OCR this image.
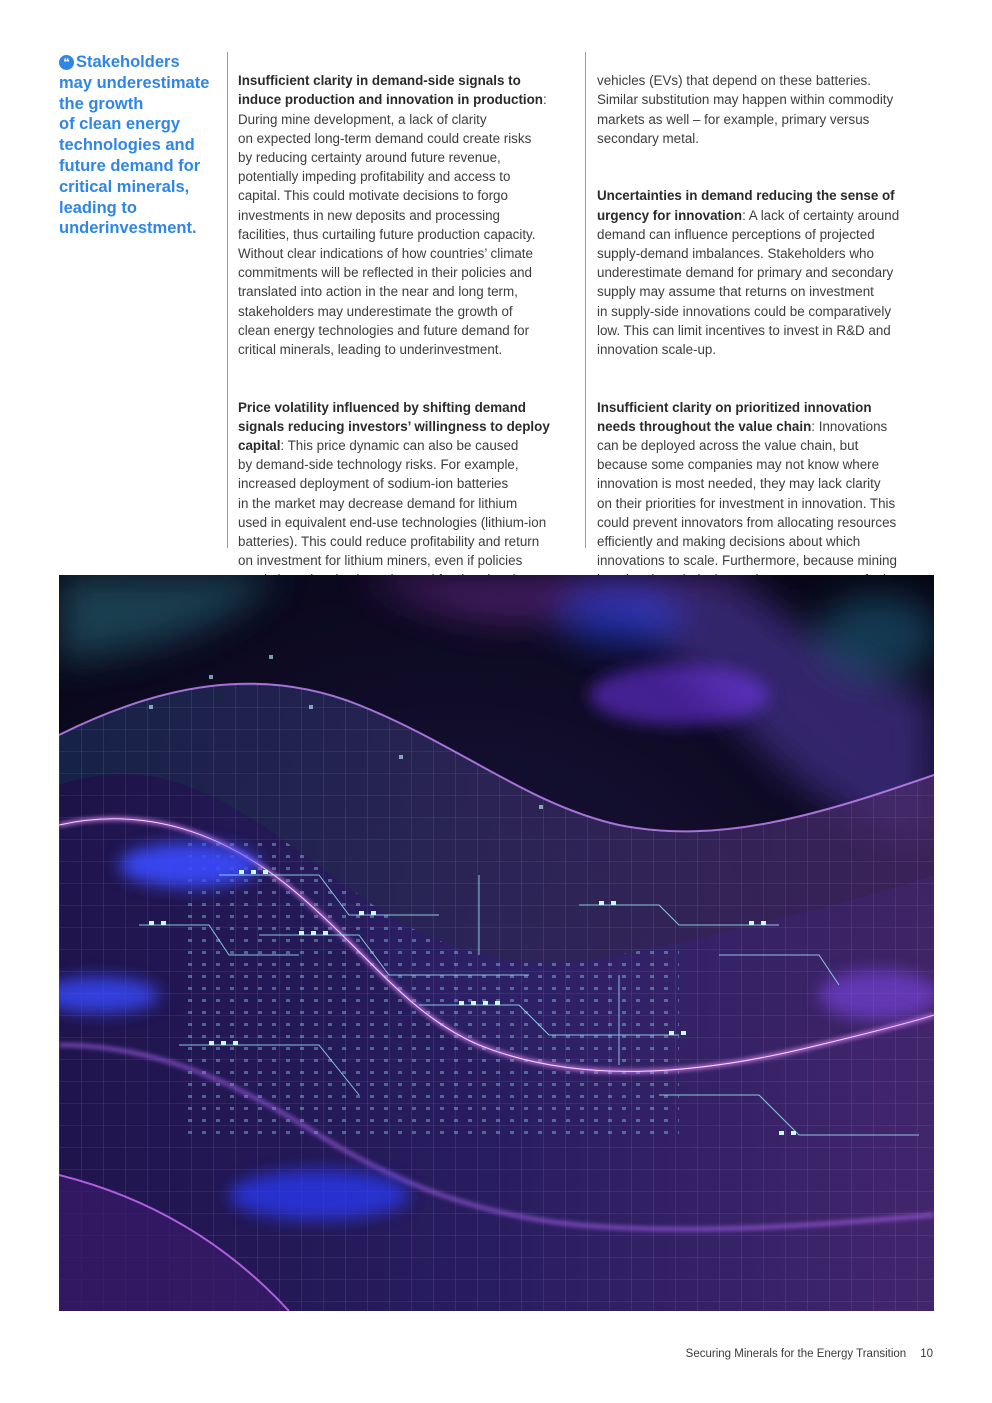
❝ Stakeholders
may underestimate
the growth
of clean energy
technologies and
future demand for
critical minerals,
leading to
underinvestment.

Insufficient clarity in demand-side signals to
induce production and innovation in production:
During mine development, a lack of clarity
on expected long-term demand could create risks
by reducing certainty around future revenue,
potentially impeding profitability and access to
capital. This could motivate decisions to forgo
investments in new deposits and processing
facilities, thus curtailing future production capacity.
Without clear indications of how countries’ climate
commitments will be reflected in their policies and
translated into action in the near and long term,
stakeholders may underestimate the growth of
clean energy technologies and future demand for
critical minerals, leading to underinvestment.

Price volatility influenced by shifting demand
signals reducing investors’ willingness to deploy
capital: This price dynamic can also be caused
by demand-side technology risks. For example,
increased deployment of sodium-ion batteries
in the market may decrease demand for lithium
used in equivalent end-use technologies (lithium-ion
batteries). This could reduce profitability and return
on investment for lithium miners, even if policies

vehicles (EVs) that depend on these batteries.
Similar substitution may happen within commodity
markets as well – for example, primary versus
secondary metal.

Uncertainties in demand reducing the sense of
urgency for innovation: A lack of certainty around
demand can influence perceptions of projected
supply-demand imbalances. Stakeholders who
underestimate demand for primary and secondary
supply may assume that returns on investment
in supply-side innovations could be comparatively
low. This can limit incentives to invest in R&D and
innovation scale-up.

Insufficient clarity on prioritized innovation
needs throughout the value chain: Innovations
can be deployed across the value chain, but
because some companies may not know where
innovation is most needed, they may lack clarity
on their priorities for investment in innovation. This
could prevent innovators from allocating resources
efficiently and making decisions about which
innovations to scale. Furthermore, because mining

Securing Minerals for the Energy Transition 10
